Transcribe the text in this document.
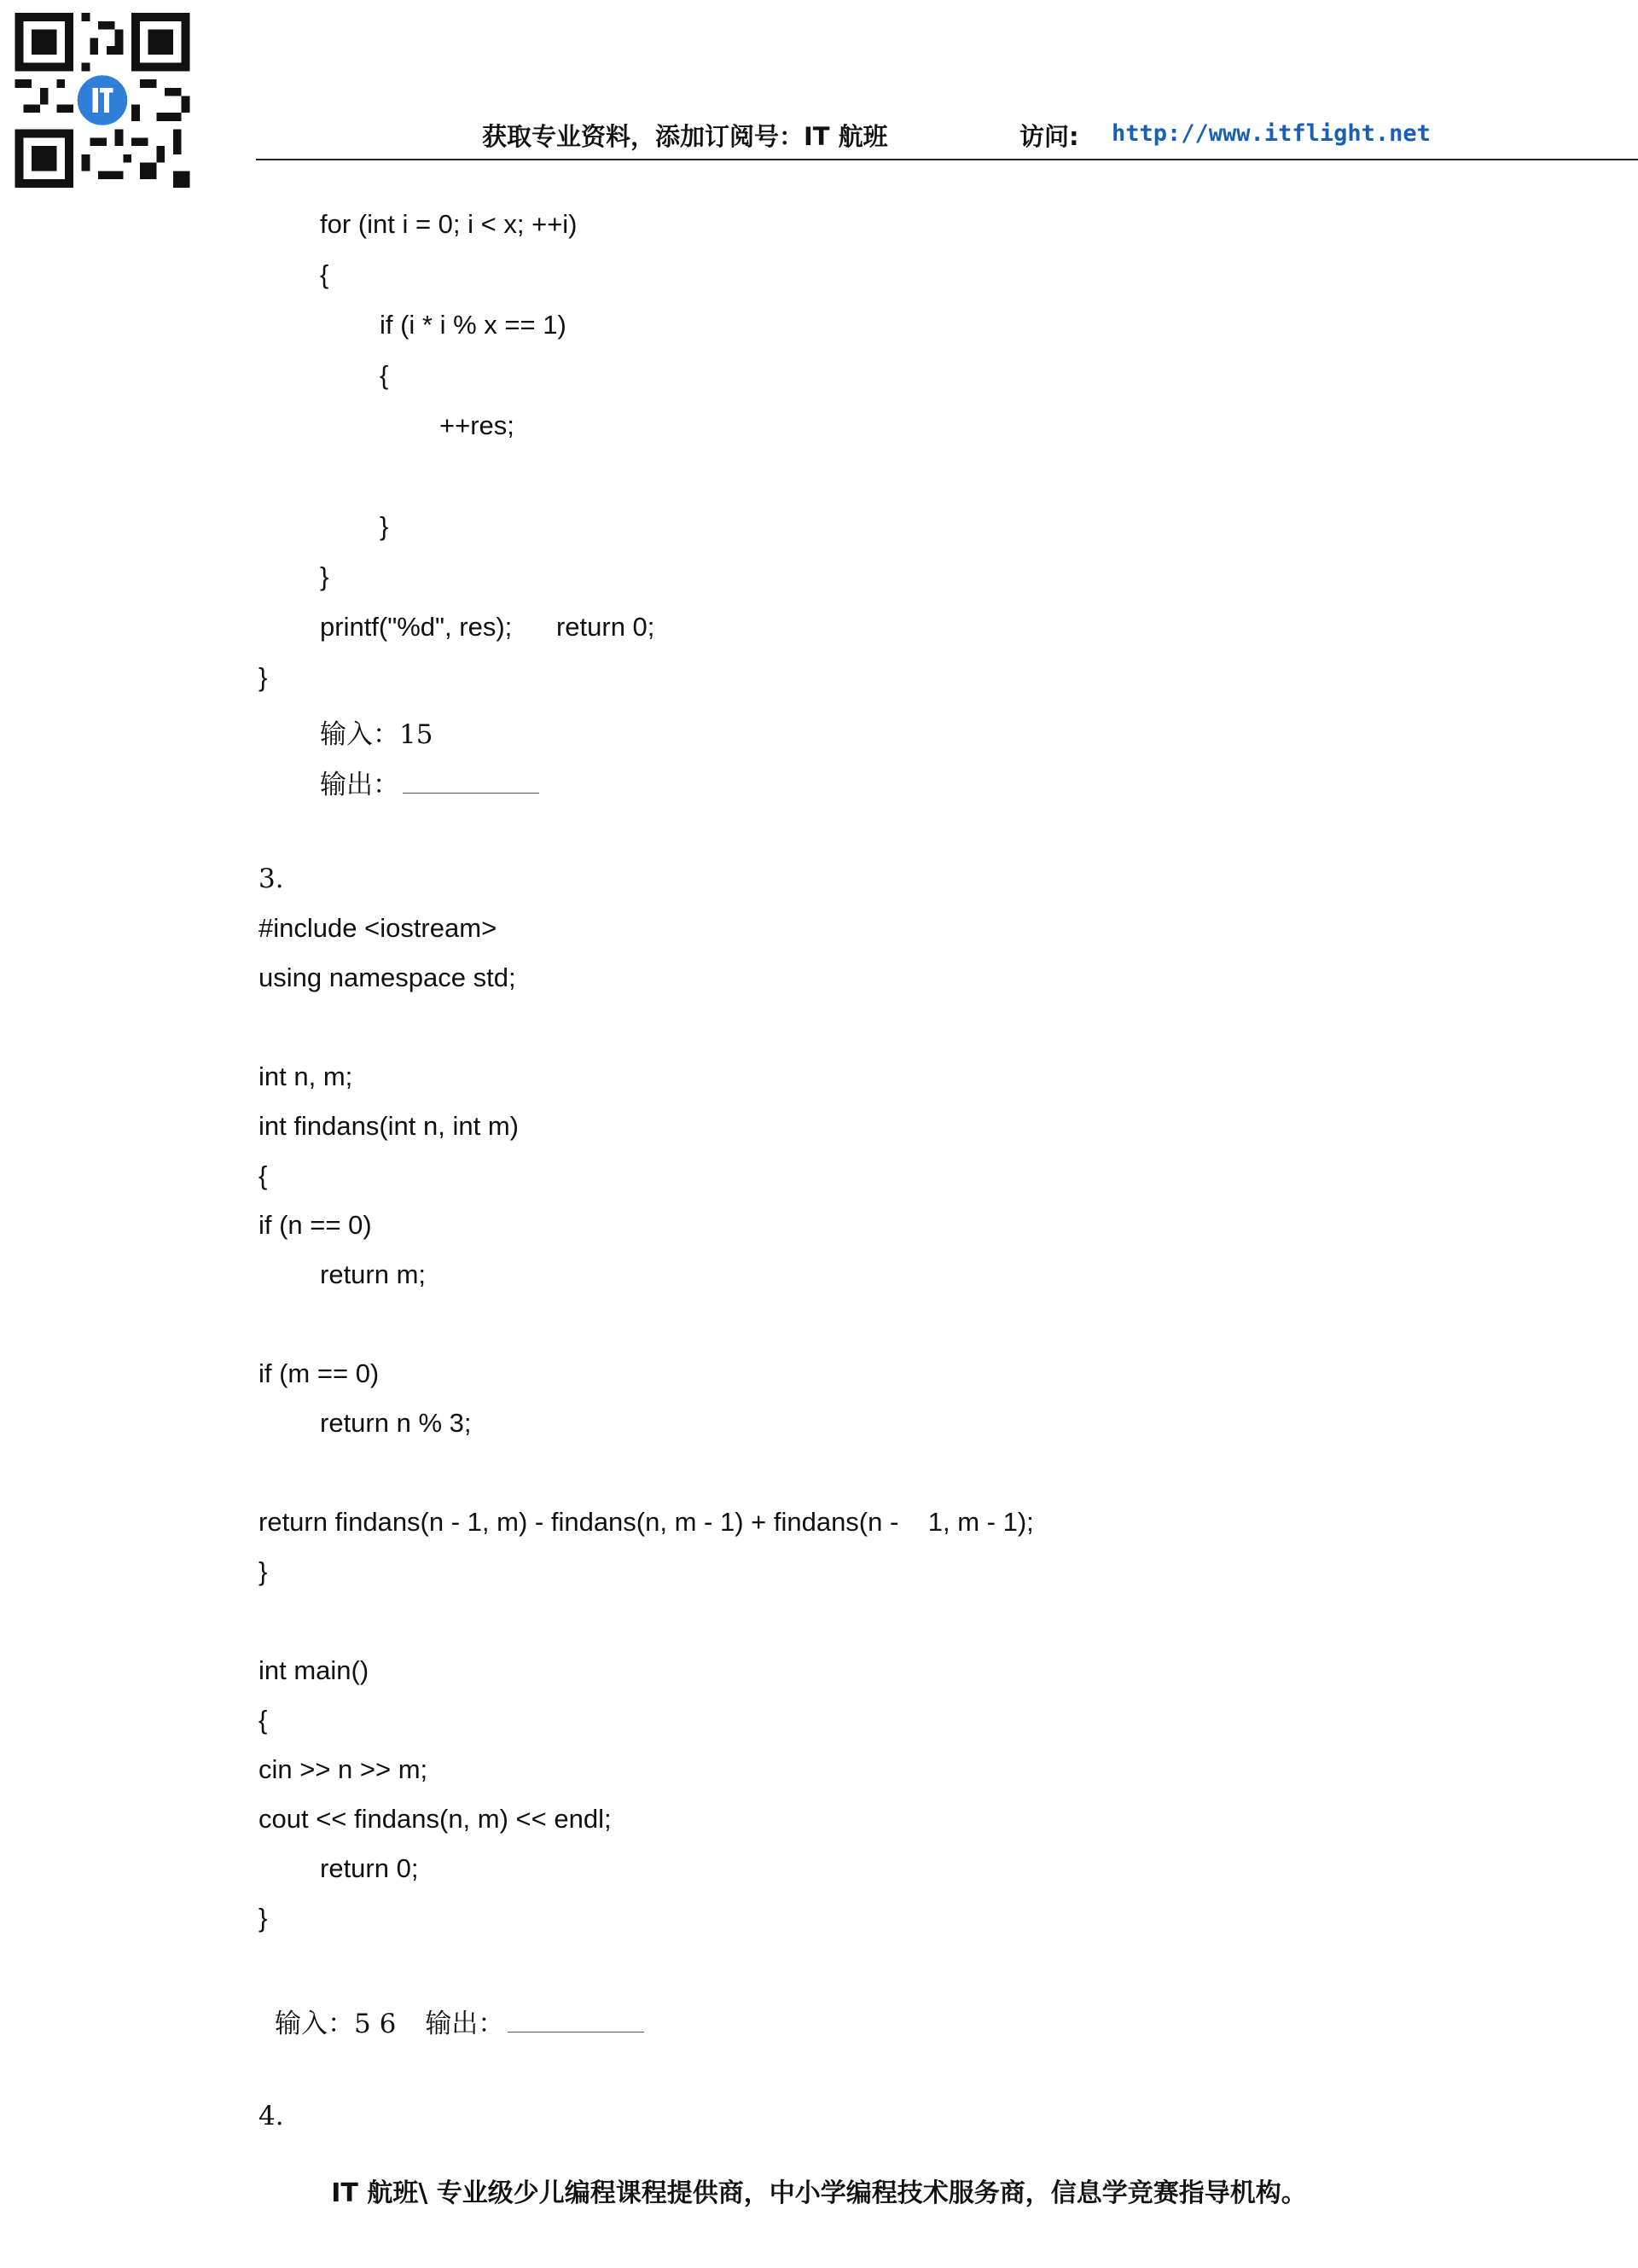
获取专业资料，添加订阅号：IT 航班	访问: http://www.itflight.net
for (int i = 0; i < x; ++i)
{
if (i * i % x == 1)
{
++res;
}
}
printf("%d", res);      return 0;
}
输入：15
输出：
3.
#include <iostream>
using namespace std;
int n, m;
int findans(int n, int m)
{
if (n == 0)
return m;
if (m == 0)
return n % 3;
return findans(n - 1, m) - findans(n, m - 1) + findans(n -    1, m - 1);
}
int main()
{
cin >> n >> m;
cout << findans(n, m) << endl;
return 0;
}
输入：5 6 输出：
4.
IT 航班\ 专业级少儿编程课程提供商，中小学编程技术服务商，信息学竞赛指导机构。
